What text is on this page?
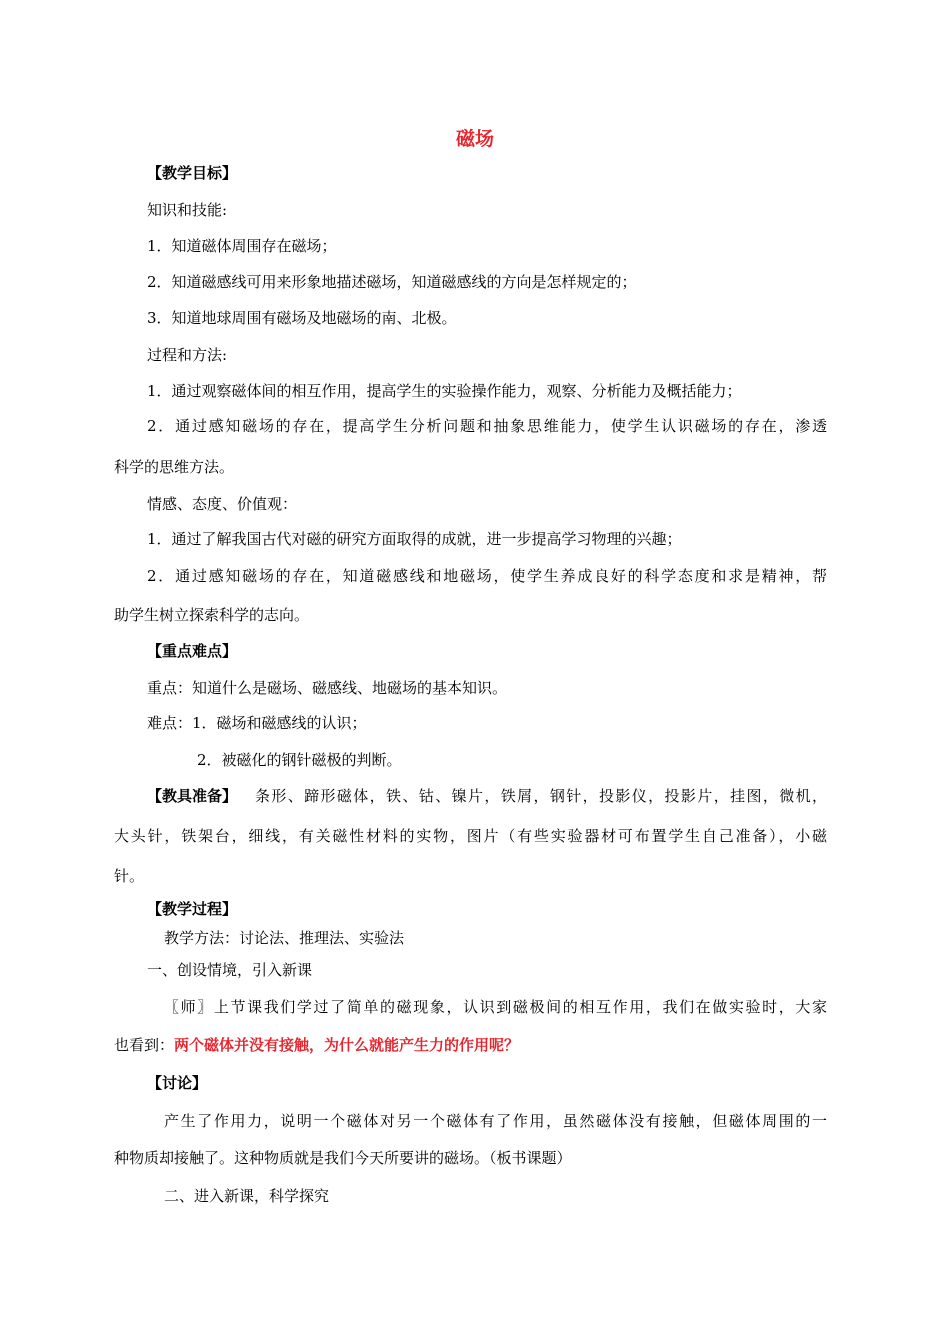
磁场
【教学目标】
知识和技能:
1．知道磁体周围存在磁场；
2．知道磁感线可用来形象地描述磁场，知道磁感线的方向是怎样规定的；
3．知道地球周围有磁场及地磁场的南、北极。
过程和方法:
1．通过观察磁体间的相互作用，提高学生的实验操作能力，观察、分析能力及概括能力；
2．通过感知磁场的存在，提高学生分析问题和抽象思维能力，使学生认识磁场的存在，渗透
科学的思维方法。
情感、态度、价值观：
1．通过了解我国古代对磁的研究方面取得的成就，进一步提高学习物理的兴趣；
2．通过感知磁场的存在，知道磁感线和地磁场，使学生养成良好的科学态度和求是精神，帮
助学生树立探索科学的志向。
【重点难点】
重点：知道什么是磁场、磁感线、地磁场的基本知识。
难点：1．磁场和磁感线的认识；
2．被磁化的钢针磁极的判断。
【教具准备】 条形、蹄形磁体，铁、钴、镍片，铁屑，钢针，投影仪，投影片，挂图，微机，
大头针，铁架台，细线，有关磁性材料的实物，图片（有些实验器材可布置学生自己准备），小磁
针。
【教学过程】
教学方法：讨论法、推理法、实验法
一、创设情境，引入新课
〖师〗上节课我们学过了简单的磁现象，认识到磁极间的相互作用，我们在做实验时，大家
也看到：两个磁体并没有接触，为什么就能产生力的作用呢？
【讨论】
产生了作用力，说明一个磁体对另一个磁体有了作用，虽然磁体没有接触，但磁体周围的一
种物质却接触了。这种物质就是我们今天所要讲的磁场。（板书课题）
二、进入新课，科学探究
